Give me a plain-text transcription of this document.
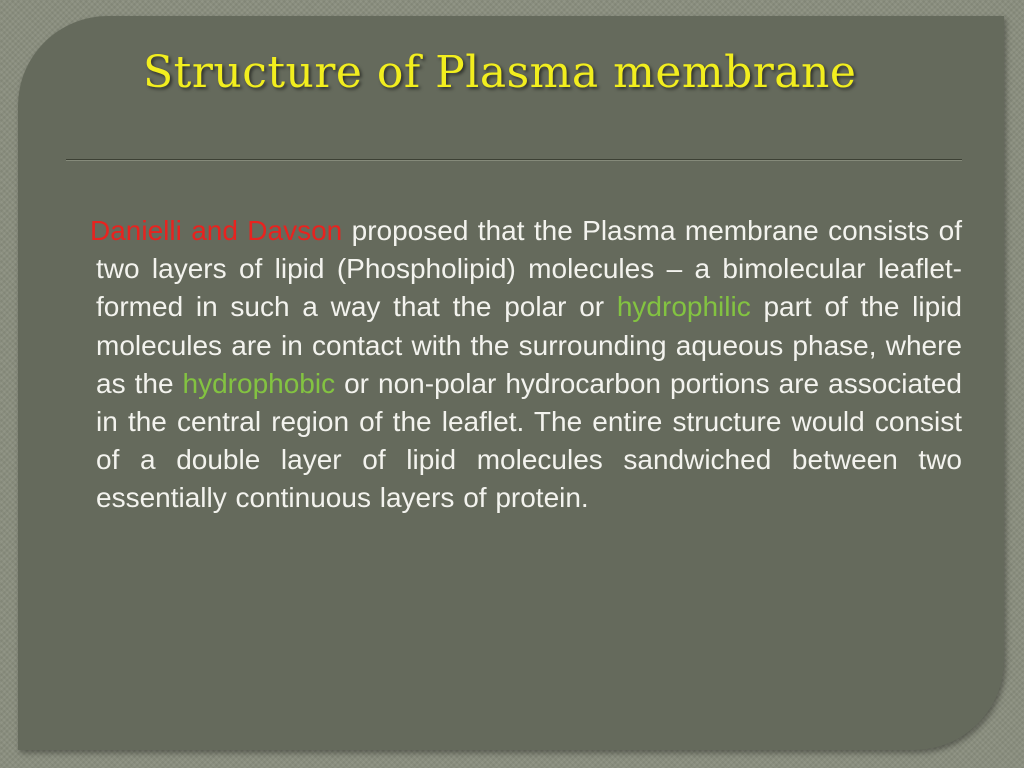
Structure of Plasma membrane

Danielli and Davson proposed that the Plasma membrane consists of two layers of lipid (Phospholipid) molecules – a bimolecular leaflet- formed in such a way that the polar or hydrophilic part of the lipid molecules are in contact with the surrounding aqueous phase, where as the hydrophobic or non-polar hydrocarbon portions are associated in the central region of the leaflet. The entire structure would consist of a double layer of lipid molecules sandwiched between two essentially continuous layers of protein.
